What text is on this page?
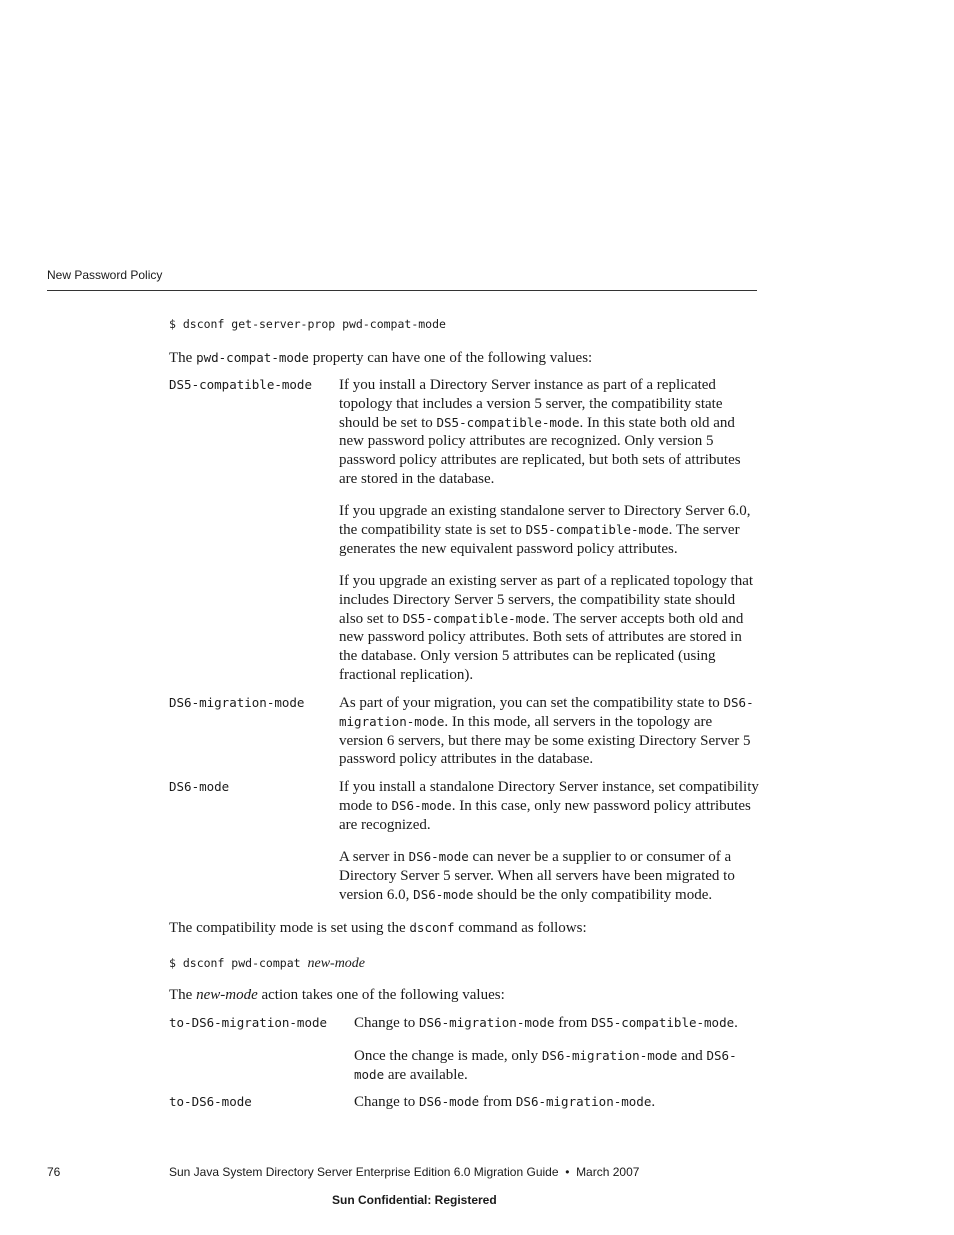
New Password Policy
$ dsconf get-server-prop pwd-compat-mode

The pwd-compat-mode property can have one of the following values:

DS5-compatible-mode If you install a Directory Server instance as part of a replicated topology that includes a version 5 server, the compatibility state should be set to DS5-compatible-mode. In this state both old and new password policy attributes are recognized. Only version 5 password policy attributes are replicated, but both sets of attributes are stored in the database.

If you upgrade an existing standalone server to Directory Server 6.0, the compatibility state is set to DS5-compatible-mode. The server generates the new equivalent password policy attributes.

If you upgrade an existing server as part of a replicated topology that includes Directory Server 5 servers, the compatibility state should also set to DS5-compatible-mode. The server accepts both old and new password policy attributes. Both sets of attributes are stored in the database. Only version 5 attributes can be replicated (using fractional replication).

DS6-migration-mode As part of your migration, you can set the compatibility state to DS6-migration-mode. In this mode, all servers in the topology are version 6 servers, but there may be some existing Directory Server 5 password policy attributes in the database.

DS6-mode	If you install a standalone Directory Server instance, set compatibility mode to DS6-mode. In this case, only new password policy attributes are recognized.

A server in DS6-mode can never be a supplier to or consumer of a Directory Server 5 server. When all servers have been migrated to version 6.0, DS6-mode should be the only compatibility mode.

The compatibility mode is set using the dsconf command as follows:

$ dsconf pwd-compat new-mode

The new-mode action takes one of the following values:

to-DS6-migration-mode Change to DS6-migration-mode from DS5-compatible-mode.

Once the change is made, only DS6-migration-mode and DS6-mode are available.

to-DS6-mode	Change to DS6-mode from DS6-migration-mode.

76	Sun Java System Directory Server Enterprise Edition 6.0 Migration Guide • March 2007
Sun Confidential: Registered
